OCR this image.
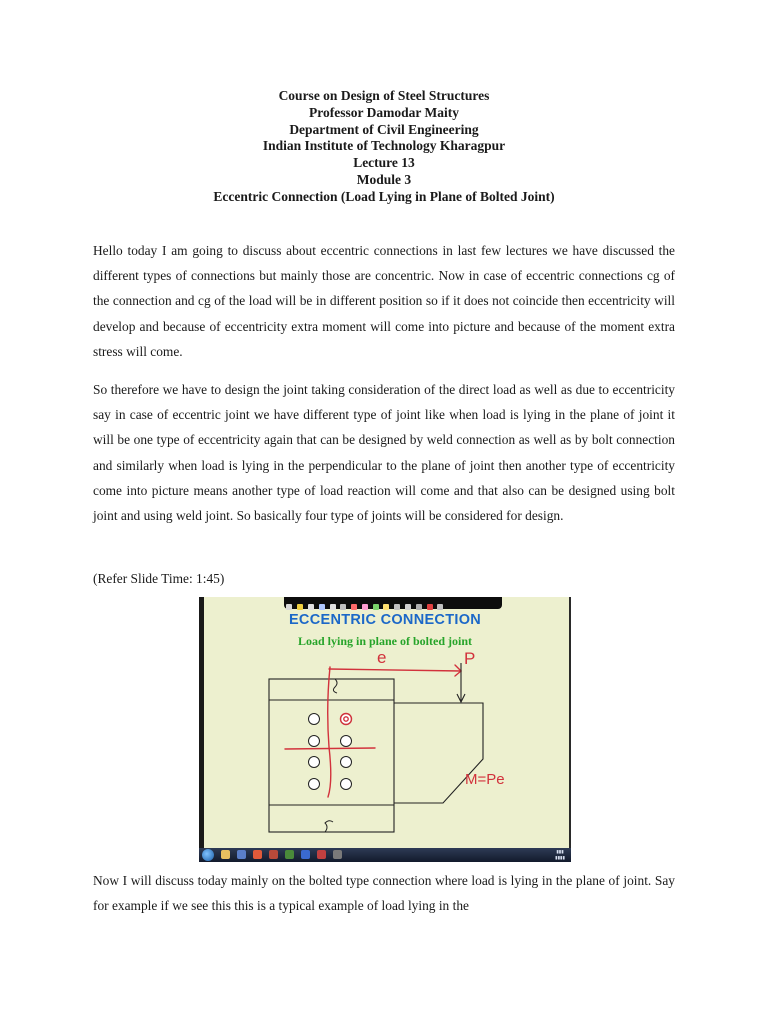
Course on Design of Steel Structures
Professor Damodar Maity
Department of Civil Engineering
Indian Institute of Technology Kharagpur
Lecture 13
Module 3
Eccentric Connection (Load Lying in Plane of Bolted Joint)

Hello today I am going to discuss about eccentric connections in last few lectures we have discussed the different types of connections but mainly those are concentric. Now in case of eccentric connections cg of the connection and cg of the load will be in different position so if it does not coincide then eccentricity will develop and because of eccentricity extra moment will come into picture and because of the moment extra stress will come.

So therefore we have to design the joint taking consideration of the direct load as well as due to eccentricity say in case of eccentric joint we have different type of joint like when load is lying in the plane of joint it will be one type of eccentricity again that can be designed by weld connection as well as by bolt connection and similarly when load is lying in the perpendicular to the plane of joint then another type of eccentricity come into picture means another type of load reaction will come and that also can be designed using bolt joint and using weld joint. So basically four type of joints will be considered for design.

(Refer Slide Time: 1:45)

ECCENTRIC CONNECTION
Load lying in plane of bolted joint
e	P
M=Pe
▮▮▮
▮▮▮▮

Now I will discuss today mainly on the bolted type connection where load is lying in the plane of joint. Say for example if we see this this is a typical example of load lying in the
